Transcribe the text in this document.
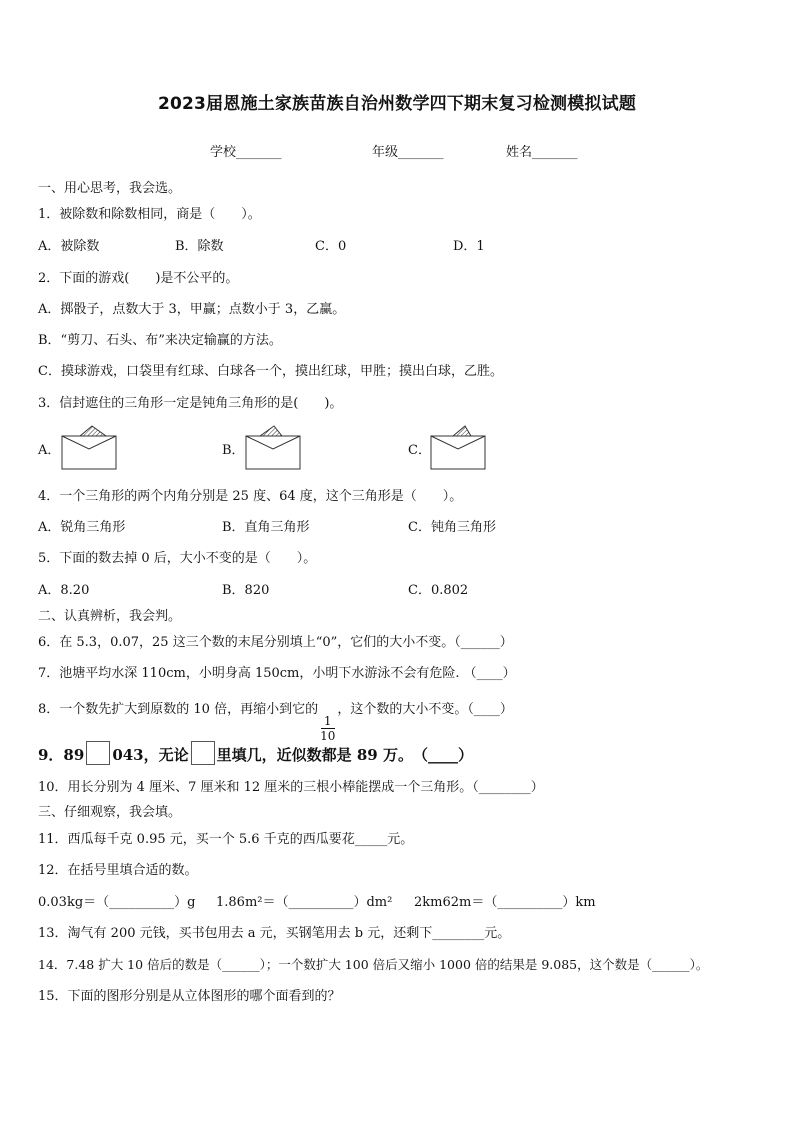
2023届恩施土家族苗族自治州数学四下期末复习检测模拟试题
学校_______	年级_______	姓名_______
一、用心思考，我会选。
1．被除数和除数相同，商是（　　）。
A．被除数	B．除数	C．0	D．1
2．下面的游戏(　　)是不公平的。
A．掷骰子，点数大于 3，甲赢；点数小于 3，乙赢。
B．“剪刀、石头、布”来决定输赢的方法。
C．摸球游戏，口袋里有红球、白球各一个，摸出红球，甲胜；摸出白球，乙胜。
3．信封遮住的三角形一定是钝角三角形的是(　　)。
A．	B．	C．
4．一个三角形的两个内角分别是 25 度、64 度，这个三角形是（　　）。
A．锐角三角形	B．直角三角形	C．钝角三角形
5．下面的数去掉 0 后，大小不变的是（　　）。
A．8.20	B．820	C．0.802
二、认真辨析，我会判。
6．在 5.3，0.07，25 这三个数的末尾分别填上“0”，它们的大小不变。（______）
7．池塘平均水深 110cm，小明身高 150cm，小明下水游泳不会有危险. （____）
8．一个数先扩大到原数的 10 倍，再缩小到它的
$\frac{1}{10}$
，这个数的大小不变。（____）
9．89 043，无论 里填几，近似数都是 89 万。　（____）
10．用长分别为 4 厘米、7 厘米和 12 厘米的三根小棒能摆成一个三角形。（________）
三、仔细观察，我会填。
11．西瓜每千克 0.95 元，买一个 5.6 千克的西瓜要花_____元。
12．在括号里填合适的数。
0.03kg＝（__________）g 1.86m²＝（__________）dm² 2km62m＝（__________）km
13．淘气有 200 元钱，买书包用去 a 元，买钢笔用去 b 元，还剩下________元。
14．7.48 扩大 10 倍后的数是（______）；一个数扩大 100 倍后又缩小 1000 倍的结果是 9.085，这个数是（______）。
15．下面的图形分别是从立体图形的哪个面看到的？
